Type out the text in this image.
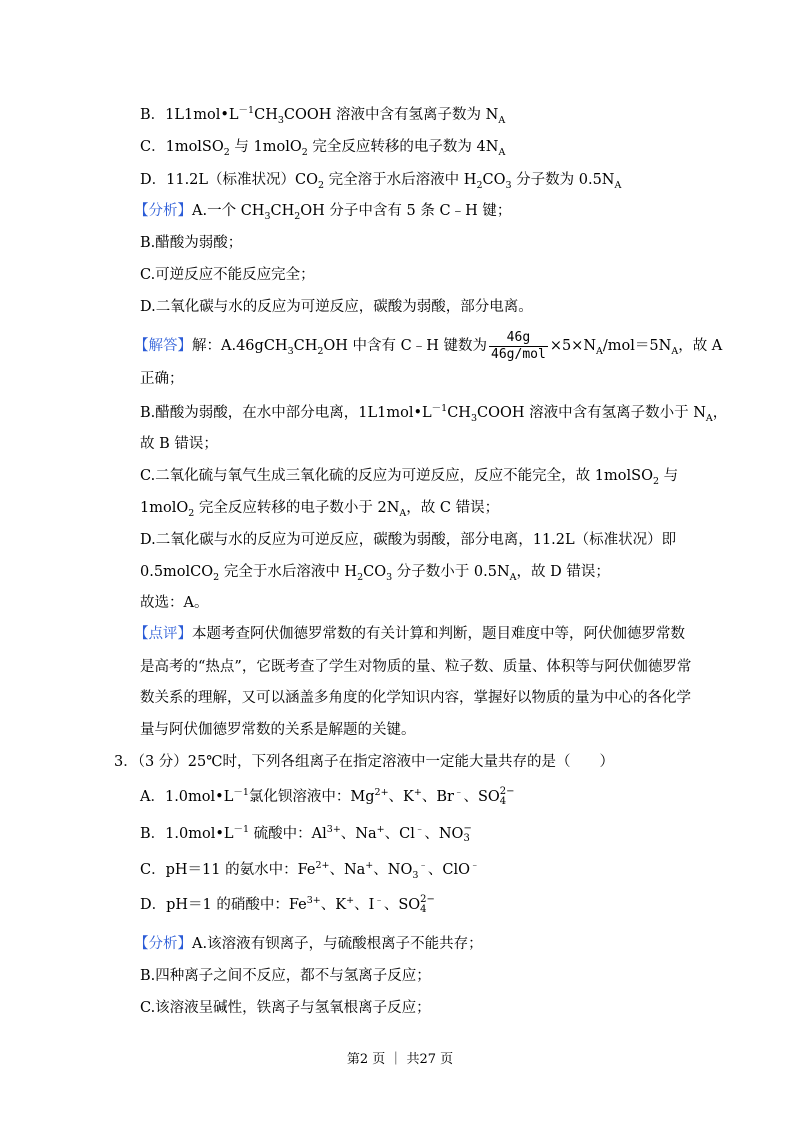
B．$1L1mol•L^{-1}CH_3COOH$ 溶液中含有氢离子数为 $N_A$
C．1molSO$_2$ 与 1molO$_2$ 完全反应转移的电子数为 $4N_A$
D．11.2L（标准状况）$CO_2$ 完全溶于水后溶液中 $H_2CO_3$ 分子数为 $0.5N_A$
【分析】A.一个 $CH_3CH_2OH$ 分子中含有 5 条 C﹣H 键；
B.醋酸为弱酸；
C.可逆反应不能反应完全；
D.二氧化碳与水的反应为可逆反应，碳酸为弱酸，部分电离。
【解答】解：$A.46gCH_3CH_2OH$ 中含有 C﹣H 键数为 $\frac{46g}{\text{46g/mol}} \times 5\times N_A/mol=5N_A$，故 A
正确；
B.醋酸为弱酸，在水中部分电离，$1L1mol•L^{-1}CH_3COOH$ 溶液中含有氢离子数小于 $N_A$，
故 B 错误；
C.二氧化硫与氧气生成三氧化硫的反应为可逆反应，反应不能完全，故 1molSO$_2$ 与
1molO$_2$ 完全反应转移的电子数小于 $2N_A$，故 C 错误；
D.二氧化碳与水的反应为可逆反应，碳酸为弱酸，部分电离，11.2L（标准状况）即
0.5molCO$_2$ 完全于水后溶液中 $H_2CO_3$ 分子数小于 $0.5N_A$，故 D 错误；
故选：A。
【点评】本题考查阿伏伽德罗常数的有关计算和判断，题目难度中等，阿伏伽德罗常数
是高考的“热点”，它既考查了学生对物质的量、粒子数、质量、体积等与阿伏伽德罗常
数关系的理解，又可以涵盖多角度的化学知识内容，掌握好以物质的量为中心的各化学
量与阿伏伽德罗常数的关系是解题的关键。
3．（3 分）25℃时，下列各组离子在指定溶液中一定能大量共存的是（　　）
A．$1.0mol•L^{-1}$氯化钡溶液中：$Mg^{2+}$、K+、Br﹣、SO 2−
4
B．$1.0mol•L^{-1}$ 硫酸中：$Al^{3+}$、Na+、Cl﹣、NO −
3
C．pH＝11 的氨水中：$Fe^{2+}$、Na+、$NO_3^﹣$、ClO﹣
D．pH＝1 的硝酸中：$Fe^{3+}$、K+、I﹣、SO 2−
4
【分析】A.该溶液有钡离子，与硫酸根离子不能共存；
B.四种离子之间不反应，都不与氢离子反应；
C.该溶液呈碱性，铁离子与氢氧根离子反应；
第2 页 ｜ 共27 页
